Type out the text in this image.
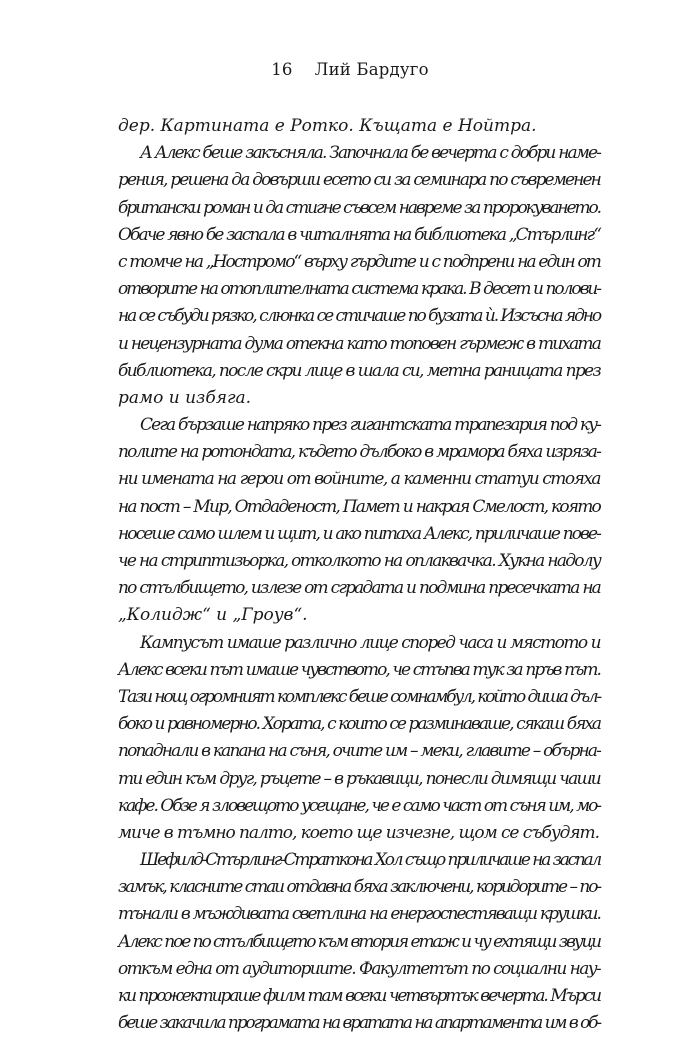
16 Лий Бардуго
дер. Картината е Ротко. Къщата е Нойтра.
А Алекс беше закъсняла. Започнала бе вечерта с добри наме-
рения, решена да довърши есето си за семинара по съвременен
британски роман и да стигне съвсем навреме за пророкуването.
Обаче явно бе заспала в читалнята на библиотека „Стърлинг“
с томче на „Ностромо“ върху гърдите и с подпрени на един от
отворите на отоплителната система крака. В десет и полови-
на се събуди рязко, слюнка се стичаше по бузата ѝ. Изсъсна ядно
и нецензурната дума отекна като топовен гърмеж в тихата
библиотека, после скри лице в шала си, метна раницата през
рамо и избяга.
Сега бързаше напряко през гигантската трапезария под ку-
полите на ротондата, където дълбоко в мрамора бяха изряза-
ни имената на герои от войните, а каменни статуи стояха
на пост – Мир, Отдаденост, Памет и накрая Смелост, която
носеше само шлем и щит, и ако питаха Алекс, приличаше пове-
че на стриптизьорка, отколкото на оплаквачка. Хукна надолу
по стълбището, излезе от сградата и подмина пресечката на
„Колидж“ и „Гроув“.
Кампусът имаше различно лице според часа и мястото и
Алекс всеки път имаше чувството, че стъпва тук за пръв път.
Тази нощ огромният комплекс беше сомнамбул, който диша дъл-
боко и равномерно. Хората, с които се разминаваше, сякаш бяха
попаднали в капана на съня, очите им – меки, главите – обърна-
ти един към друг, ръцете – в ръкавици, понесли димящи чаши
кафе. Обзе я зловещото усещане, че е само част от съня им, мо-
миче в тъмно палто, което ще изчезне, щом се събудят.
Шефилд-Стърлинг-Страткона Хол също приличаше на заспал
замък, класните стаи отдавна бяха заключени, коридорите – по-
тънали в мъждивата светлина на енергоспестяващи крушки.
Алекс пое по стълбището към втория етаж и чу ехтящи звуци
откъм една от аудиториите. Факултетът по социални нау-
ки прожектираше филм там всеки четвъртък вечерта. Мърси
беше закачила програмата на вратата на апартамента им в об-
